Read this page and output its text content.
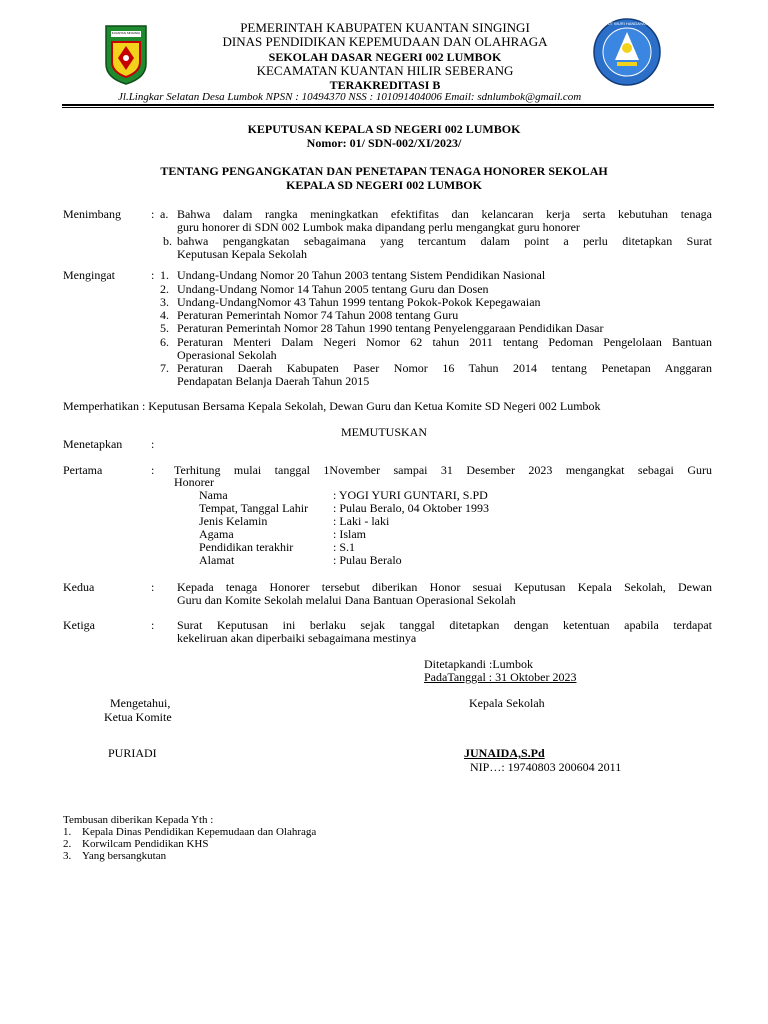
KUANTAN SINGINGI
TUT WURI HANDAYANI
PEMERINTAH KABUPATEN KUANTAN SINGINGI
DINAS PENDIDIKAN KEPEMUDAAN DAN OLAHRAGA
SEKOLAH DASAR NEGERI 002 LUMBOK
KECAMATAN KUANTAN HILIR SEBERANG
TERAKREDITASI B
Jl.Lingkar Selatan Desa Lumbok NPSN : 10494370 NSS : 101091404006 Email: sdnlumbok@gmail.com
KEPUTUSAN KEPALA SD NEGERI 002 LUMBOK
Nomor: 01/ SDN-002/XI/2023/
TENTANG PENGANGKATAN DAN PENETAPAN TENAGA HONORER SEKOLAH
KEPALA SD NEGERI 002 LUMBOK
Menimbang	: a. Bahwa dalam rangka meningkatkan efektifitas dan kelancaran kerja serta kebutuhan tenaga
guru honorer di SDN 002 Lumbok maka dipandang perlu mengangkat guru honorer
b. bahwa pengangkatan sebagaimana yang tercantum dalam point a perlu ditetapkan Surat
Keputusan Kepala Sekolah
Mengingat	: 1. Undang-Undang Nomor 20 Tahun 2003 tentang Sistem Pendidikan Nasional
2. Undang-Undang Nomor 14 Tahun 2005 tentang Guru dan Dosen
3. Undang-UndangNomor 43 Tahun 1999 tentang Pokok-Pokok Kepegawaian
4. Peraturan Pemerintah Nomor 74 Tahun 2008 tentang Guru
5. Peraturan Pemerintah Nomor 28 Tahun 1990 tentang Penyelenggaraan Pendidikan Dasar
6. Peraturan Menteri Dalam Negeri Nomor 62 tahun 2011 tentang Pedoman Pengelolaan Bantuan
Operasional Sekolah
7. Peraturan Daerah Kabupaten Paser Nomor 16 Tahun 2014 tentang Penetapan Anggaran
Pendapatan Belanja Daerah Tahun 2015
Memperhatikan : Keputusan Bersama Kepala Sekolah, Dewan Guru dan Ketua Komite SD Negeri 002 Lumbok
MEMUTUSKAN
Menetapkan :
Pertama	: Terhitung mulai tanggal 1November sampai 31 Desember 2023 mengangkat sebagai Guru
Honorer
Nama	: YOGI YURI GUNTARI, S.PD
Tempat, Tanggal Lahir : Pulau Beralo, 04 Oktober 1993
Jenis Kelamin	: Laki - laki
Agama	: Islam
Pendidikan terakhir	: S.1
Alamat	: Pulau Beralo
Kedua	: Kepada tenaga Honorer tersebut diberikan Honor sesuai Keputusan Kepala Sekolah, Dewan
Guru dan Komite Sekolah melalui Dana Bantuan Operasional Sekolah
Ketiga	: Surat Keputusan ini berlaku sejak tanggal ditetapkan dengan ketentuan apabila terdapat
kekeliruan akan diperbaiki sebagaimana mestinya
Ditetapkandi :Lumbok
PadaTanggal : 31 Oktober 2023
Mengetahui,
Ketua Komite
PURIADI
Kepala Sekolah
JUNAIDA,S.Pd
NIP…: 19740803 200604 2011
Tembusan diberikan Kepada Yth :
1. Kepala Dinas Pendidikan Kepemudaan dan Olahraga
2. Korwilcam Pendidikan KHS
3. Yang bersangkutan
